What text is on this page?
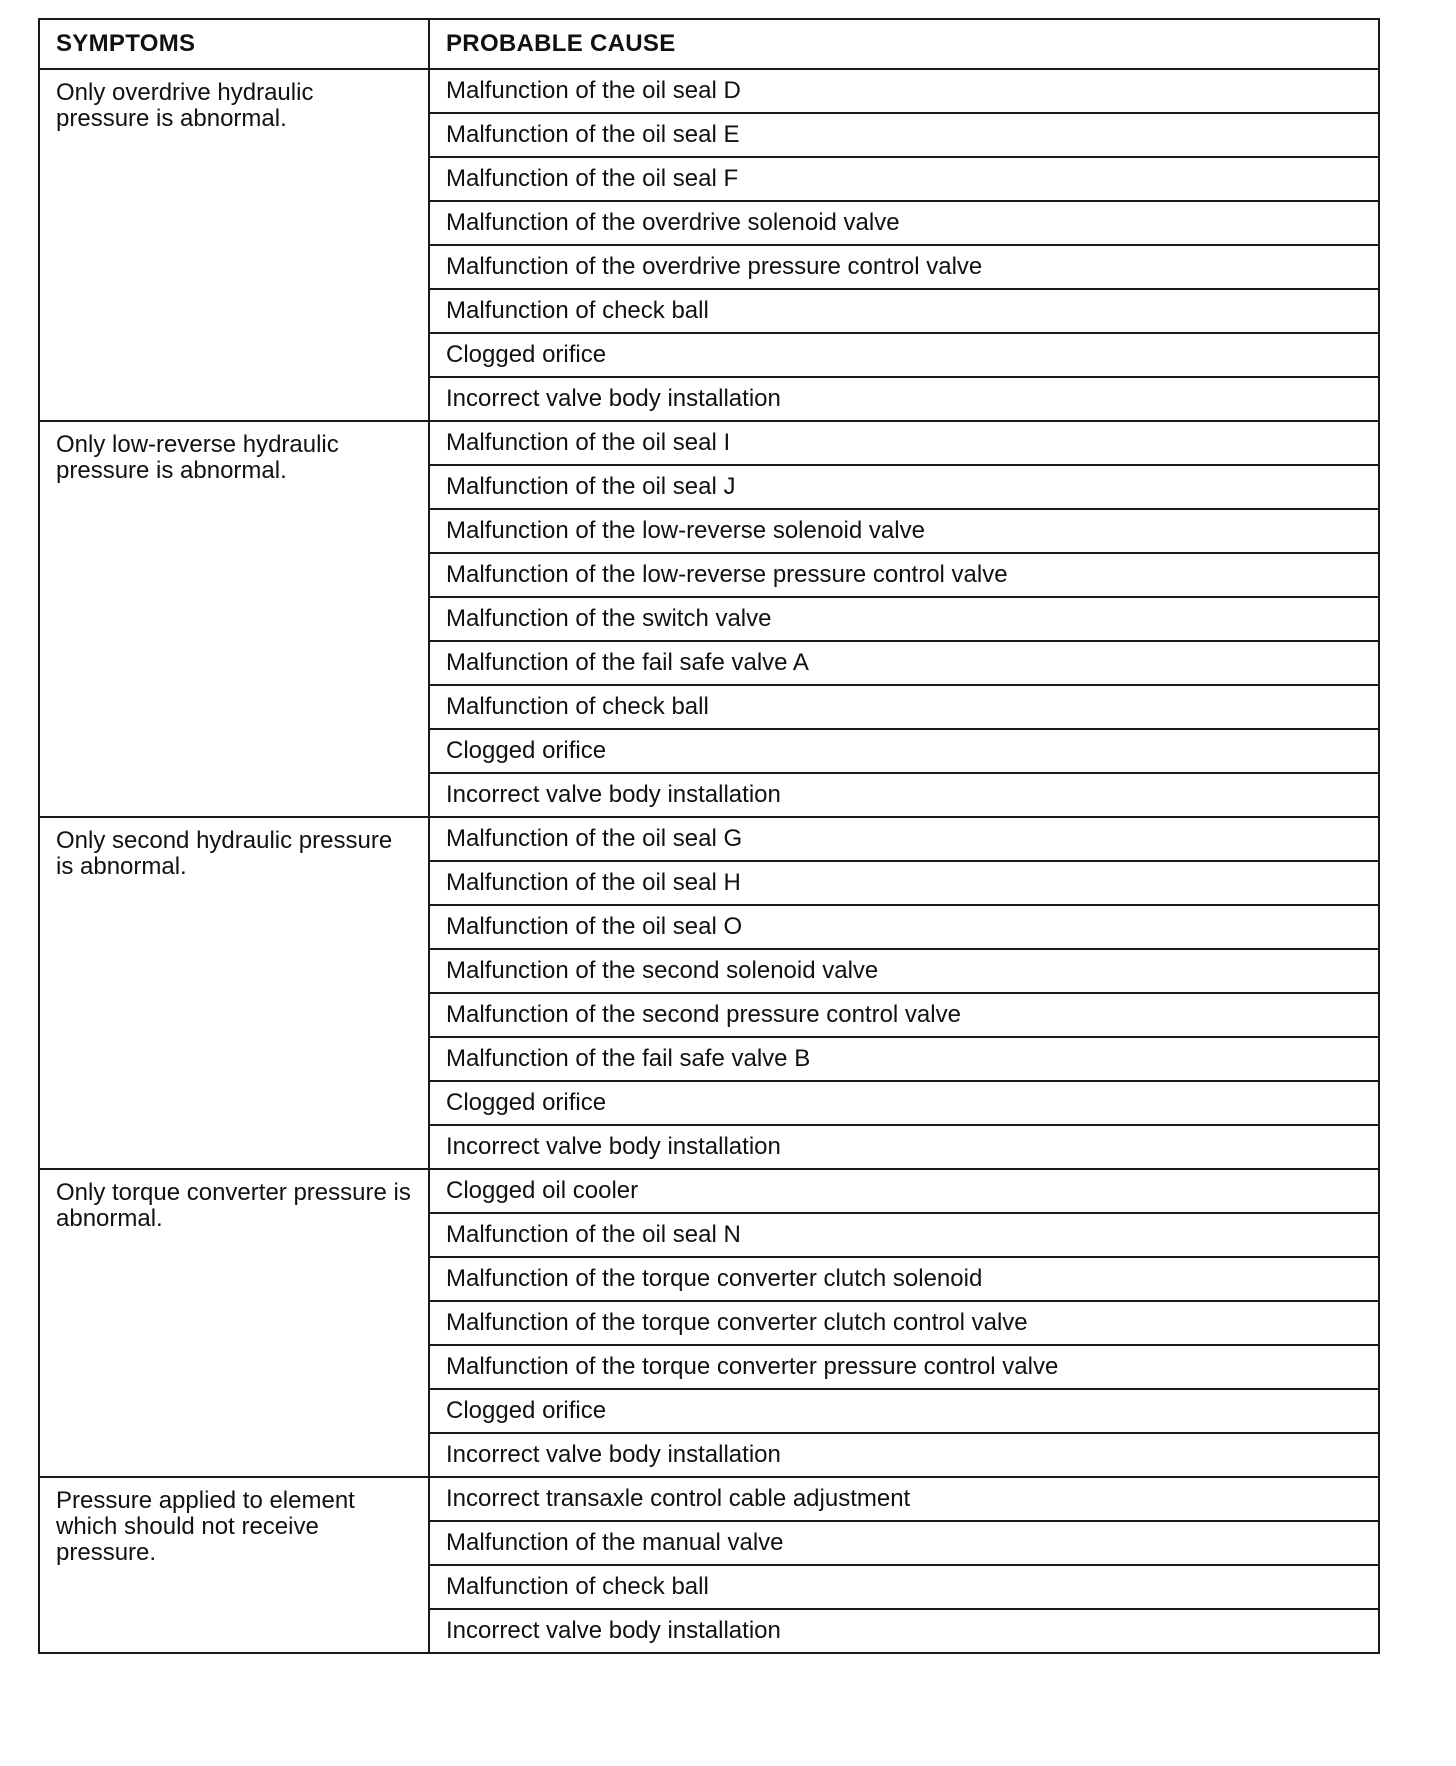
SYMPTOMS	PROBABLE CAUSE
Only overdrive hydraulic pressure is abnormal.	Malfunction of the oil seal D
	Malfunction of the oil seal E
	Malfunction of the oil seal F
	Malfunction of the overdrive solenoid valve
	Malfunction of the overdrive pressure control valve
	Malfunction of check ball
	Clogged orifice
	Incorrect valve body installation
Only low-reverse hydraulic pressure is abnormal.	Malfunction of the oil seal I
	Malfunction of the oil seal J
	Malfunction of the low-reverse solenoid valve
	Malfunction of the low-reverse pressure control valve
	Malfunction of the switch valve
	Malfunction of the fail safe valve A
	Malfunction of check ball
	Clogged orifice
	Incorrect valve body installation
Only second hydraulic pressure is abnormal.	Malfunction of the oil seal G
	Malfunction of the oil seal H
	Malfunction of the oil seal O
	Malfunction of the second solenoid valve
	Malfunction of the second pressure control valve
	Malfunction of the fail safe valve B
	Clogged orifice
	Incorrect valve body installation
Only torque converter pressure is abnormal.	Clogged oil cooler
	Malfunction of the oil seal N
	Malfunction of the torque converter clutch solenoid
	Malfunction of the torque converter clutch control valve
	Malfunction of the torque converter pressure control valve
	Clogged orifice
	Incorrect valve body installation
Pressure applied to element which should not receive pressure.	Incorrect transaxle control cable adjustment
	Malfunction of the manual valve
	Malfunction of check ball
	Incorrect valve body installation
